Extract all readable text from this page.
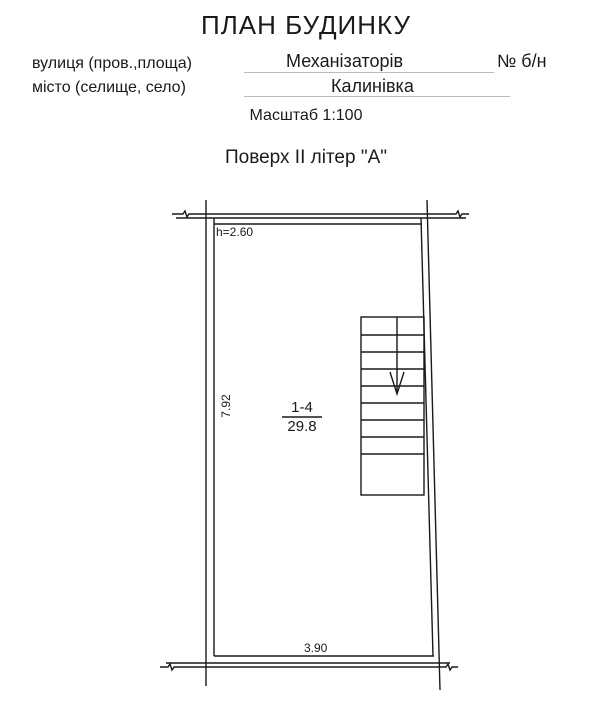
ПЛАН БУДИНКУ
вулиця (пров.,площа)	Механізаторів	№ б/н
місто (селище, село)	Калинівка
Масштаб 1:100
Поверх ІІ літер "А"
h=2.60
7.92
3.90
1-4
29.8
